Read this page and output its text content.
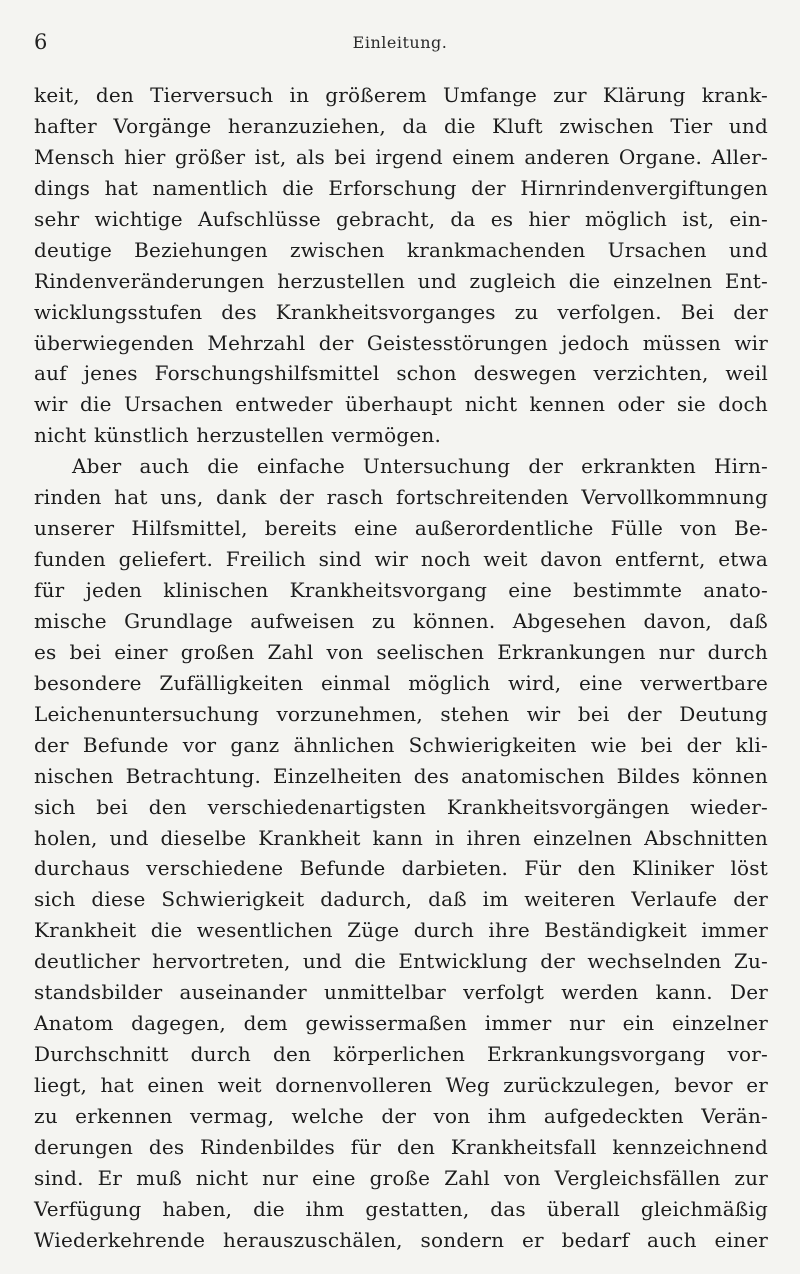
6	Einleitung.
keit, den Tierversuch in größerem Umfange zur Klärung krank-
hafter Vorgänge heranzuziehen, da die Kluft zwischen Tier und
Mensch hier größer ist, als bei irgend einem anderen Organe. Aller-
dings hat namentlich die Erforschung der Hirnrindenvergiftungen
sehr wichtige Aufschlüsse gebracht, da es hier möglich ist, ein-
deutige Beziehungen zwischen krankmachenden Ursachen und
Rindenveränderungen herzustellen und zugleich die einzelnen Ent-
wicklungsstufen des Krankheitsvorganges zu verfolgen. Bei der
überwiegenden Mehrzahl der Geistesstörungen jedoch müssen wir
auf jenes Forschungshilfsmittel schon deswegen verzichten, weil
wir die Ursachen entweder überhaupt nicht kennen oder sie doch
nicht künstlich herzustellen vermögen.
Aber auch die einfache Untersuchung der erkrankten Hirn-
rinden hat uns, dank der rasch fortschreitenden Vervollkommnung
unserer Hilfsmittel, bereits eine außerordentliche Fülle von Be-
funden geliefert. Freilich sind wir noch weit davon entfernt, etwa
für jeden klinischen Krankheitsvorgang eine bestimmte anato-
mische Grundlage aufweisen zu können. Abgesehen davon, daß
es bei einer großen Zahl von seelischen Erkrankungen nur durch
besondere Zufälligkeiten einmal möglich wird, eine verwertbare
Leichenuntersuchung vorzunehmen, stehen wir bei der Deutung
der Befunde vor ganz ähnlichen Schwierigkeiten wie bei der kli-
nischen Betrachtung. Einzelheiten des anatomischen Bildes können
sich bei den verschiedenartigsten Krankheitsvorgängen wieder-
holen, und dieselbe Krankheit kann in ihren einzelnen Abschnitten
durchaus verschiedene Befunde darbieten. Für den Kliniker löst
sich diese Schwierigkeit dadurch, daß im weiteren Verlaufe der
Krankheit die wesentlichen Züge durch ihre Beständigkeit immer
deutlicher hervortreten, und die Entwicklung der wechselnden Zu-
standsbilder auseinander unmittelbar verfolgt werden kann. Der
Anatom dagegen, dem gewissermaßen immer nur ein einzelner
Durchschnitt durch den körperlichen Erkrankungsvorgang vor-
liegt, hat einen weit dornenvolleren Weg zurückzulegen, bevor er
zu erkennen vermag, welche der von ihm aufgedeckten Verän-
derungen des Rindenbildes für den Krankheitsfall kennzeichnend
sind. Er muß nicht nur eine große Zahl von Vergleichsfällen zur
Verfügung haben, die ihm gestatten, das überall gleichmäßig
Wiederkehrende herauszuschälen, sondern er bedarf auch einer
